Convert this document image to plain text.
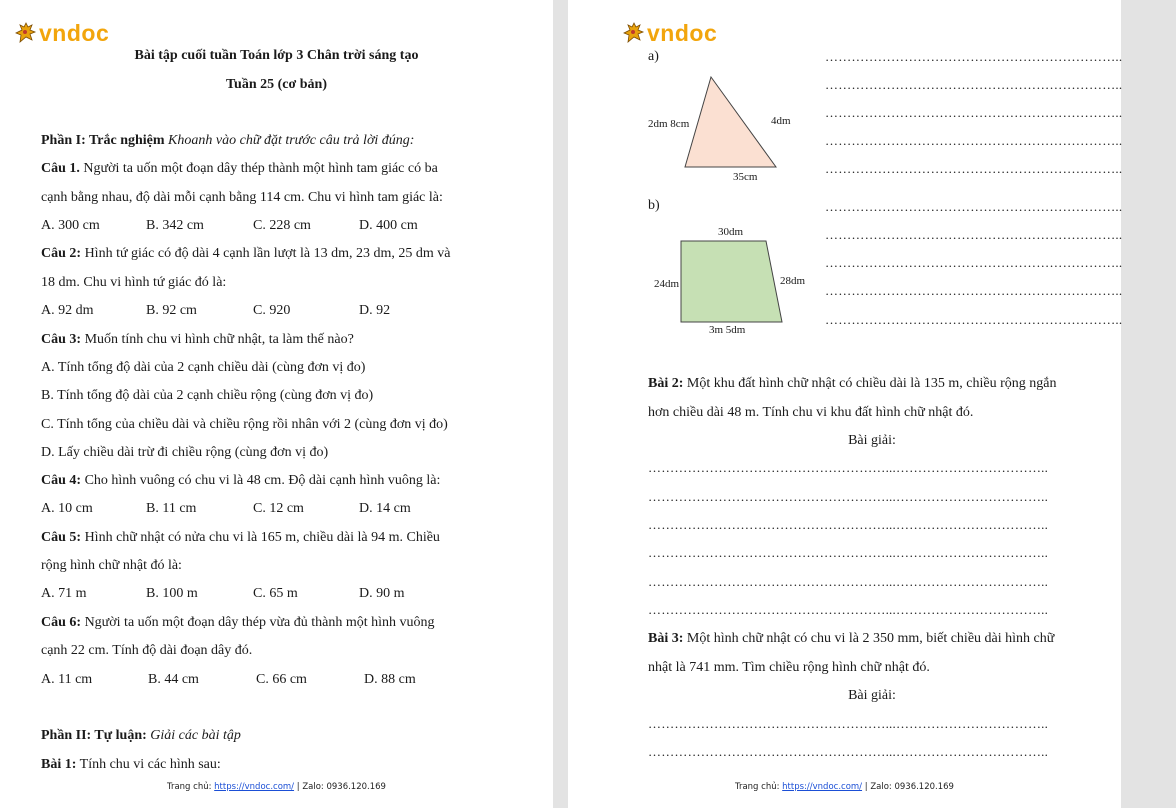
vndoc
Bài tập cuối tuần Toán lớp 3 Chân trời sáng tạo
Tuần 25 (cơ bản)
Phần I: Trắc nghiệm Khoanh vào chữ đặt trước câu trả lời đúng:
Câu 1. Người ta uốn một đoạn dây thép thành một hình tam giác có ba
cạnh bằng nhau, độ dài mỗi cạnh bằng 114 cm. Chu vi hình tam giác là:
A. 300 cm	B. 342 cm	C. 228 cm	D. 400 cm
Câu 2: Hình tứ giác có độ dài 4 cạnh lần lượt là 13 dm, 23 dm, 25 dm và
18 dm. Chu vi hình tứ giác đó là:
A. 92 dm	B. 92 cm	C. 920	D. 92
Câu 3: Muốn tính chu vi hình chữ nhật, ta làm thế nào?
A. Tính tổng độ dài của 2 cạnh chiều dài (cùng đơn vị đo)
B. Tính tổng độ dài của 2 cạnh chiều rộng (cùng đơn vị đo)
C. Tính tổng của chiều dài và chiều rộng rồi nhân với 2 (cùng đơn vị đo)
D. Lấy chiều dài trừ đi chiều rộng (cùng đơn vị đo)
Câu 4: Cho hình vuông có chu vi là 48 cm. Độ dài cạnh hình vuông là:
A. 10 cm	B. 11 cm	C. 12 cm	D. 14 cm
Câu 5: Hình chữ nhật có nửa chu vi là 165 m, chiều dài là 94 m. Chiều
rộng hình chữ nhật đó là:
A. 71 m	B. 100 m	C. 65 m	D. 90 m
Câu 6: Người ta uốn một đoạn dây thép vừa đủ thành một hình vuông
cạnh 22 cm. Tính độ dài đoạn dây đó.
A. 11 cm	B. 44 cm	C. 66 cm	D. 88 cm
Phần II: Tự luận: Giải các bài tập
Bài 1: Tính chu vi các hình sau:
Trang chủ: https://vndoc.com/ | Zalo: 0936.120.169
vndoc
a)
2dm 8cm	4dm
35cm
b)
30dm
24dm	28dm
3m 5dm
…………………………………………………………..
…………………………………………………………..
…………………………………………………………..
…………………………………………………………..
…………………………………………………………..
…………………………………………………………..
…………………………………………………………..
…………………………………………………………..
…………………………………………………………..
…………………………………………………………..
Bài 2: Một khu đất hình chữ nhật có chiều dài là 135 m, chiều rộng ngắn
hơn chiều dài 48 m. Tính chu vi khu đất hình chữ nhật đó.
Bài giải:
………………………………………………...……………………………..
………………………………………………...……………………………..
………………………………………………...……………………………..
………………………………………………...……………………………..
………………………………………………...……………………………..
………………………………………………...……………………………..
Bài 3: Một hình chữ nhật có chu vi là 2 350 mm, biết chiều dài hình chữ
nhật là 741 mm. Tìm chiều rộng hình chữ nhật đó.
Bài giải:
………………………………………………...……………………………..
………………………………………………...……………………………..
Trang chủ: https://vndoc.com/ | Zalo: 0936.120.169
